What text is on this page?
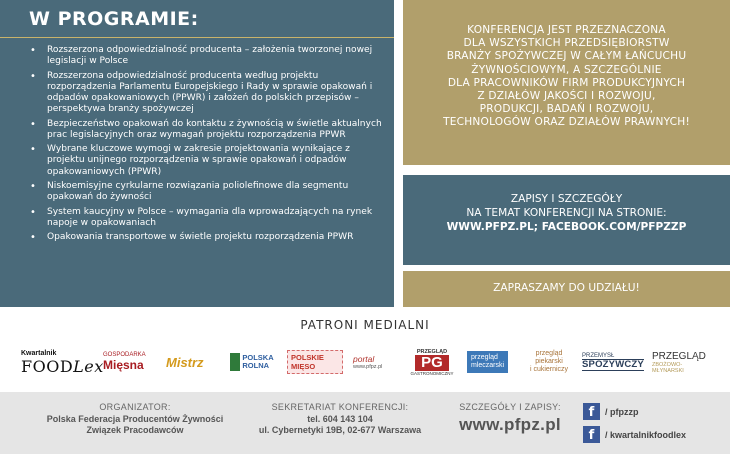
W PROGRAMIE:
• Rozszerzona odpowiedzialność producenta – założenia tworzonej nowej legislacji w Polsce
• Rozszerzona odpowiedzialność producenta według projektu rozporządzenia Parlamentu Europejskiego i Rady w sprawie opakowań i odpadów opakowaniowych (PPWR) i założeń do polskich przepisów – perspektywa branży spożywczej
• Bezpieczeństwo opakowań do kontaktu z żywnością w świetle aktualnych prac legislacyjnych oraz wymagań projektu rozporządzenia PPWR
• Wybrane kluczowe wymogi w zakresie projektowania wynikające z projektu unijnego rozporządzenia w sprawie opakowań i odpadów opakowaniowych (PPWR)
• Niskoemisyjne cyrkularne rozwiązania poliolefinowe dla segmentu opakowań do żywności
• System kaucyjny w Polsce – wymagania dla wprowadzających na rynek napoje w opakowaniach
• Opakowania transportowe w świetle projektu rozporządzenia PPWR
KONFERENCJA JEST PRZEZNACZONA
DLA WSZYSTKICH PRZEDSIĘBIORSTW
BRANŻY SPOŻYWCZEJ W CAŁYM ŁAŃCUCHU
ŻYWNOŚCIOWYM, A SZCZEGÓLNIE
DLA PRACOWNIKÓW FIRM PRODUKCYJNYCH
Z DZIAŁÓW JAKOŚCI I ROZWOJU,
PRODUKCJI, BADAŃ I ROZWOJU,
TECHNOLOGÓW ORAZ DZIAŁÓW PRAWNYCH!
ZAPISY I SZCZEGÓŁY
NA TEMAT KONFERENCJI NA STRONIE:
WWW.PFPZ.PL; FACEBOOK.COM/PFPZZP
ZAPRASZAMY DO UDZIAŁU!
PATRONI MEDIALNI
Kwartalnik
FOODLex
GOSPODARKA
Mięsna Mistrz	POLSKA
ROLNA
POLSKIE MIĘSO
portal
www.pfpz.pl
PRZEGLĄD
PG
GASTRONOMICZNY
przegląd
mleczarski
przegląd
piekarski
i cukierniczy
PRZEMYSŁ
SPOŻYWCZY
PRZEGLĄD
ZBOŻOWO-MŁYNARSKI
ORGANIZATOR:
Polska Federacja Producentów Żywności
Związek Pracodawców
SEKRETARIAT KONFERENCJI:
tel. 604 143 104
ul. Cybernetyki 19B, 02-677 Warszawa
SZCZEGÓŁY I ZAPISY:
www.pfpz.pl
f	/ pfpzzp
f	/ kwartalnikfoodlex
